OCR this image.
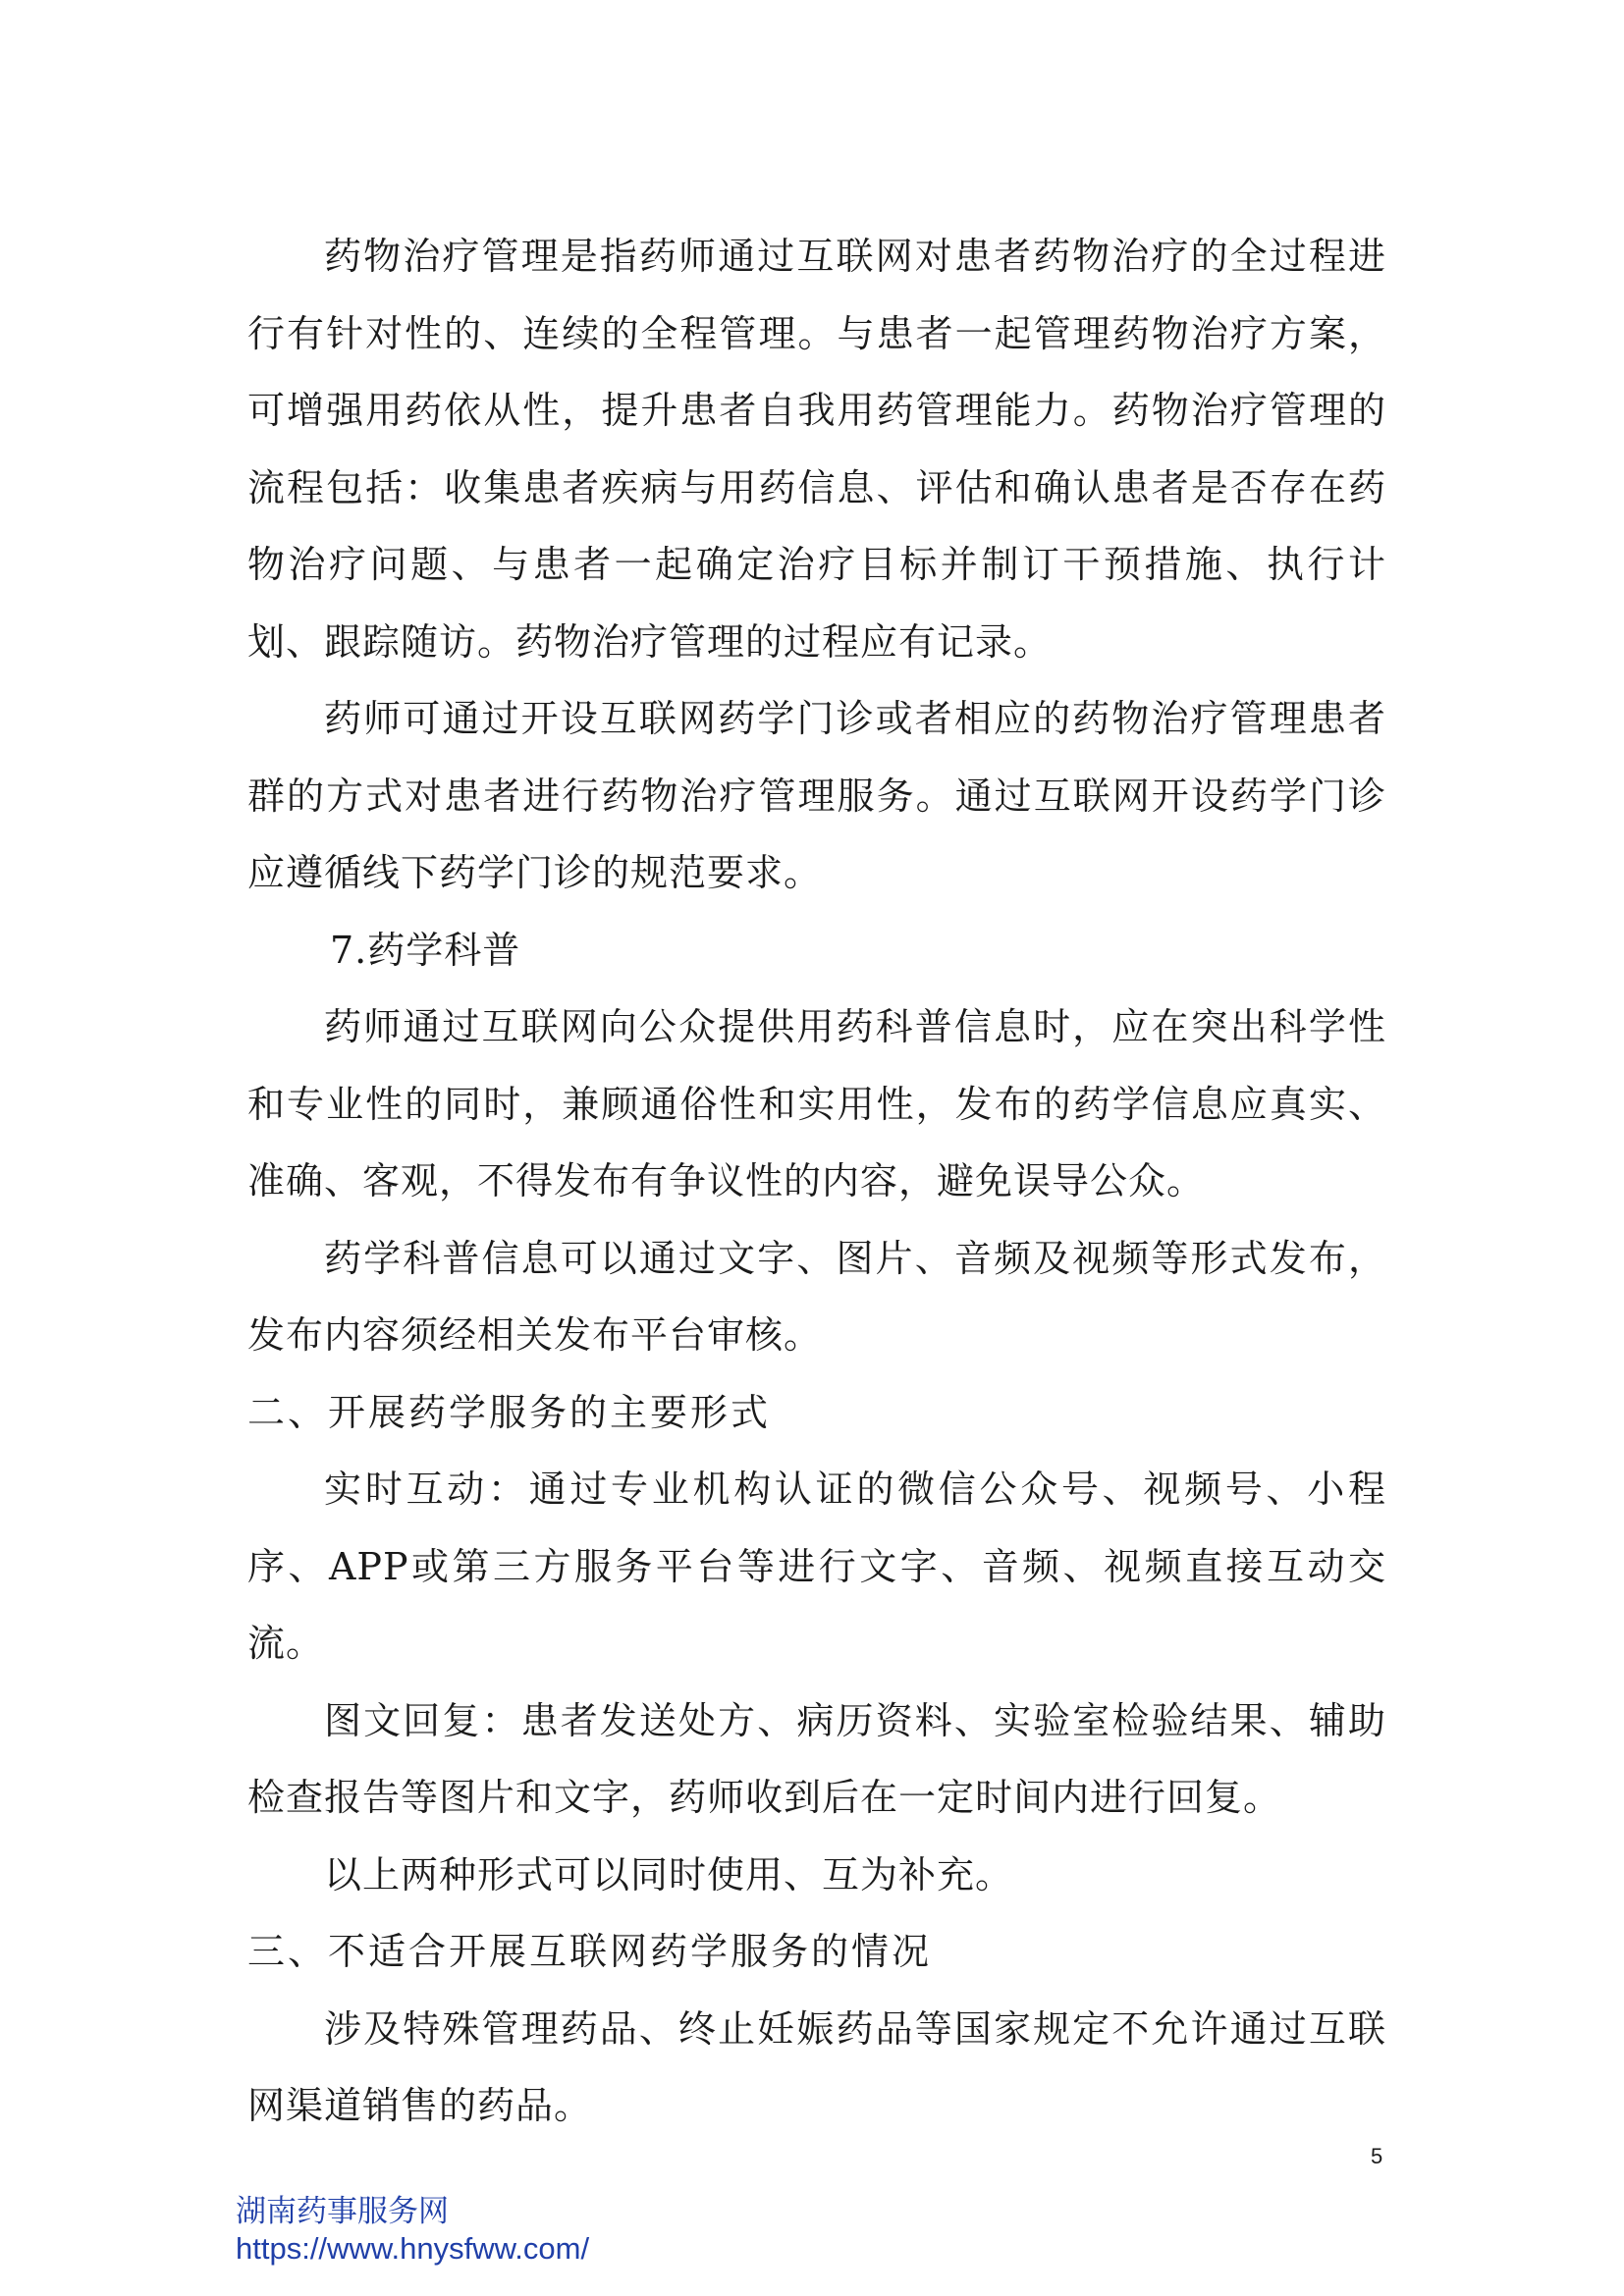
药物治疗管理是指药师通过互联网对患者药物治疗的全过程进行有针对性的、连续的全程管理。与患者一起管理药物治疗方案，可增强用药依从性，提升患者自我用药管理能力。药物治疗管理的流程包括：收集患者疾病与用药信息、评估和确认患者是否存在药物治疗问题、与患者一起确定治疗目标并制订干预措施、执行计划、跟踪随访。药物治疗管理的过程应有记录。

药师可通过开设互联网药学门诊或者相应的药物治疗管理患者群的方式对患者进行药物治疗管理服务。通过互联网开设药学门诊应遵循线下药学门诊的规范要求。

7.药学科普

药师通过互联网向公众提供用药科普信息时，应在突出科学性和专业性的同时，兼顾通俗性和实用性，发布的药学信息应真实、准确、客观，不得发布有争议性的内容，避免误导公众。

药学科普信息可以通过文字、图片、音频及视频等形式发布，发布内容须经相关发布平台审核。

二、开展药学服务的主要形式

实时互动：通过专业机构认证的微信公众号、视频号、小程序、APP或第三方服务平台等进行文字、音频、视频直接互动交流。

图文回复：患者发送处方、病历资料、实验室检验结果、辅助检查报告等图片和文字，药师收到后在一定时间内进行回复。

以上两种形式可以同时使用、互为补充。

三、不适合开展互联网药学服务的情况

涉及特殊管理药品、终止妊娠药品等国家规定不允许通过互联网渠道销售的药品。

5
湖南药事服务网
https://www.hnysfww.com/
